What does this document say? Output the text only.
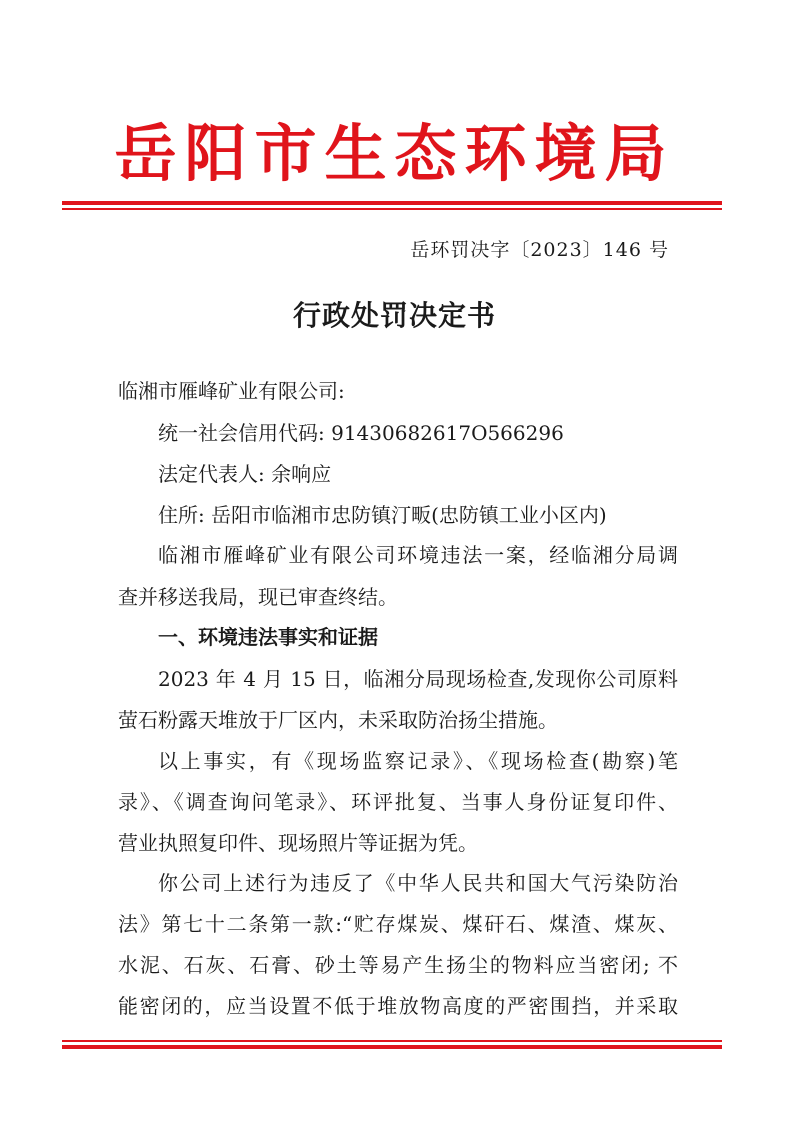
岳阳市生态环境局
岳环罚决字〔2023〕146 号
行政处罚决定书
临湘市雁峰矿业有限公司:
统一社会信用代码: 91430682617O566296
法定代表人: 余响应
住所: 岳阳市临湘市忠防镇汀畈(忠防镇工业小区内)
临湘市雁峰矿业有限公司环境违法一案，经临湘分局调
查并移送我局，现已审查终结。
一、环境违法事实和证据
2023 年 4 月 15 日，临湘分局现场检查,发现你公司原料
萤石粉露天堆放于厂区内，未采取防治扬尘措施。
以上事实，有《现场监察记录》、《现场检查(勘察)笔
录》、《调查询问笔录》、环评批复、当事人身份证复印件、
营业执照复印件、现场照片等证据为凭。
你公司上述行为违反了《中华人民共和国大气污染防治
法》第七十二条第一款:“贮存煤炭、煤矸石、煤渣、煤灰、
水泥、石灰、石膏、砂土等易产生扬尘的物料应当密闭; 不
能密闭的，应当设置不低于堆放物高度的严密围挡，并采取
